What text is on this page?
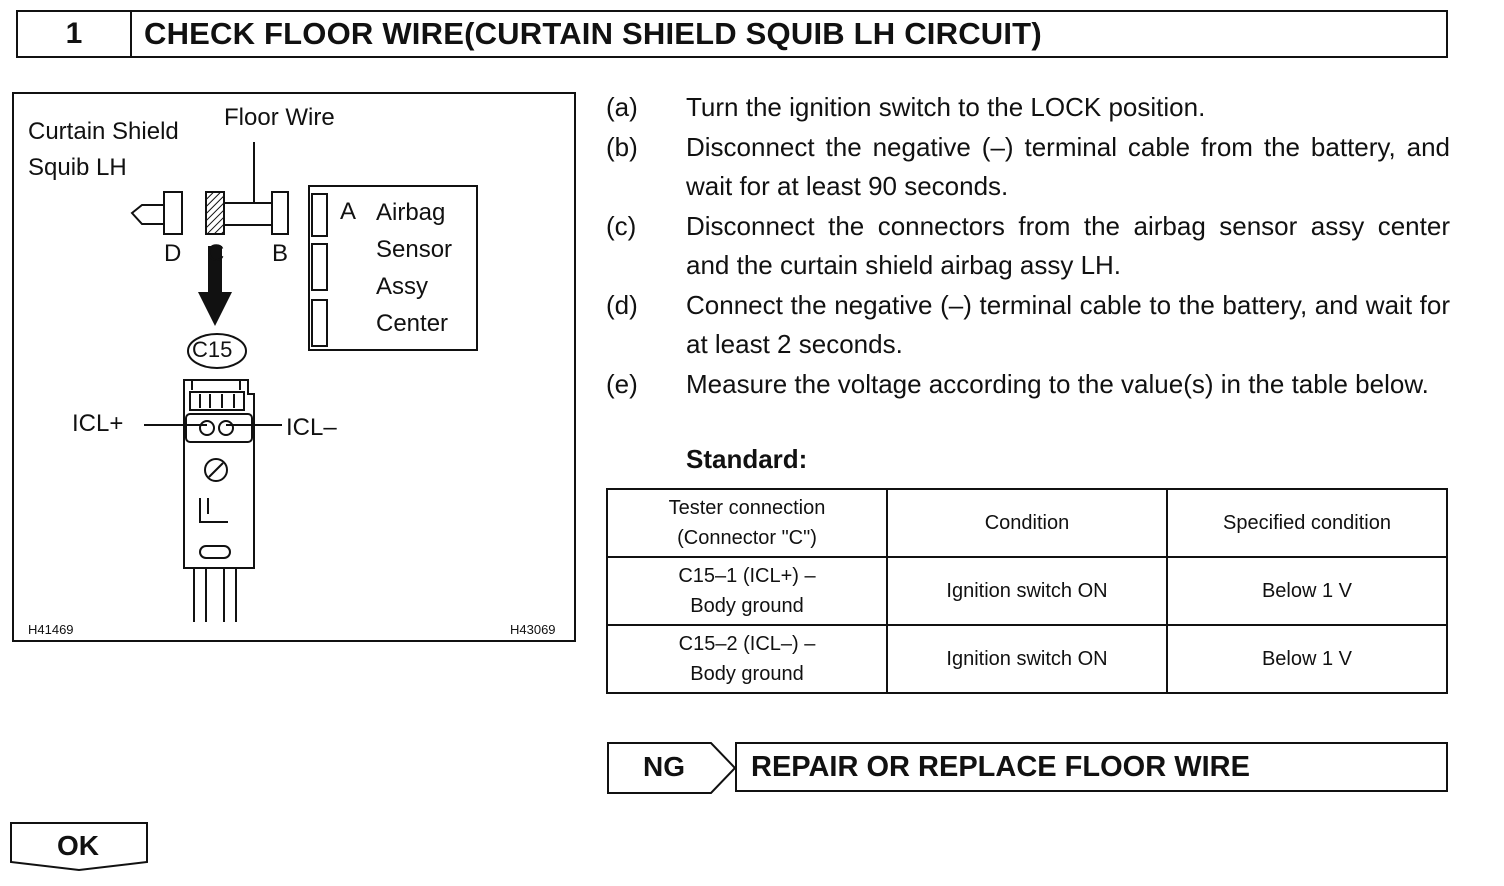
1	CHECK FLOOR WIRE(CURTAIN SHIELD SQUIB LH CIRCUIT)
Curtain Shield
Squib LH
Floor Wire
D C B
A Airbag
Sensor
Assy
Center
C15
ICL+	ICL–
H41469	H43069
(a)	Turn the ignition switch to the LOCK position.
(b)	Disconnect the negative (–) terminal cable from the battery, and wait for at least 90 seconds.
(c)	Disconnect the connectors from the airbag sensor assy center and the curtain shield airbag assy LH.
(d)	Connect the negative (–) terminal cable to the battery, and wait for at least 2 seconds.
(e)	Measure the voltage according to the value(s) in the table below.
Standard:
Tester connection
(Connector "C")	Condition	Specified condition
C15–1 (ICL+) –
Body ground	Ignition switch ON	Below 1 V
C15–2 (ICL–) –
Body ground	Ignition switch ON	Below 1 V
NG	REPAIR OR REPLACE FLOOR WIRE
OK
